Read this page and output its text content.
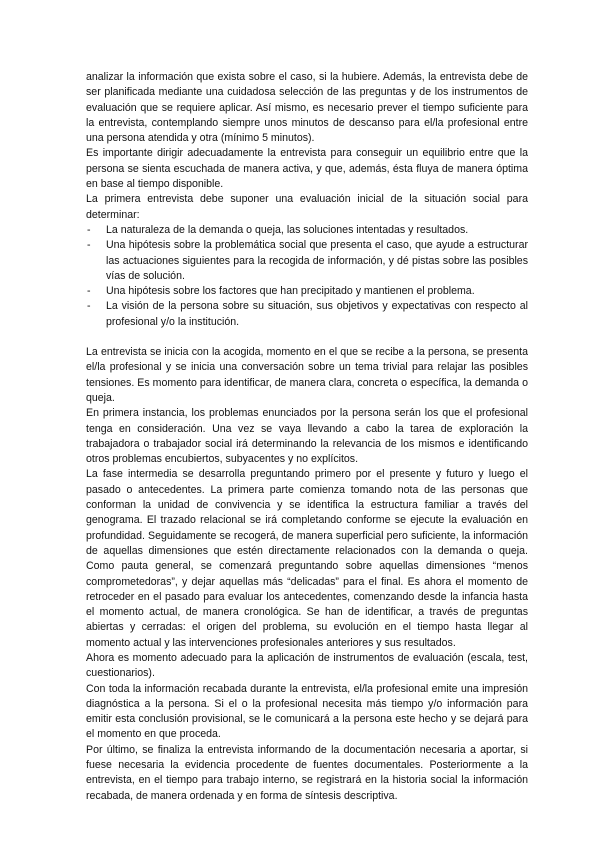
analizar la información que exista sobre el caso, si la hubiere. Además, la entrevista debe de ser planificada mediante una cuidadosa selección de las preguntas y de los instrumentos de evaluación que se requiere aplicar. Así mismo, es necesario prever el tiempo suficiente para la entrevista, contemplando siempre unos minutos de descanso para el/la profesional entre una persona atendida y otra (mínimo 5 minutos).

Es importante dirigir adecuadamente la entrevista para conseguir un equilibrio entre que la persona se sienta escuchada de manera activa, y que, además, ésta fluya de manera óptima en base al tiempo disponible.

La primera entrevista debe suponer una evaluación inicial de la situación social para determinar:

- La naturaleza de la demanda o queja, las soluciones intentadas y resultados.
- Una hipótesis sobre la problemática social que presenta el caso, que ayude a estructurar las actuaciones siguientes para la recogida de información, y dé pistas sobre las posibles vías de solución.
- Una hipótesis sobre los factores que han precipitado y mantienen el problema.
- La visión de la persona sobre su situación, sus objetivos y expectativas con respecto al profesional y/o la institución.

La entrevista se inicia con la acogida, momento en el que se recibe a la persona, se presenta el/la profesional y se inicia una conversación sobre un tema trivial para relajar las posibles tensiones. Es momento para identificar, de manera clara, concreta o específica, la demanda o queja.

En primera instancia, los problemas enunciados por la persona serán los que el profesional tenga en consideración. Una vez se vaya llevando a cabo la tarea de exploración la trabajadora o trabajador social irá determinando la relevancia de los mismos e identificando otros problemas encubiertos, subyacentes y no explícitos.

La fase intermedia se desarrolla preguntando primero por el presente y futuro y luego el pasado o antecedentes. La primera parte comienza tomando nota de las personas que conforman la unidad de convivencia y se identifica la estructura familiar a través del genograma. El trazado relacional se irá completando conforme se ejecute la evaluación en profundidad. Seguidamente se recogerá, de manera superficial pero suficiente, la información de aquellas dimensiones que estén directamente relacionados con la demanda o queja. Como pauta general, se comenzará preguntando sobre aquellas dimensiones “menos comprometedoras”, y dejar aquellas más “delicadas” para el final. Es ahora el momento de retroceder en el pasado para evaluar los antecedentes, comenzando desde la infancia hasta el momento actual, de manera cronológica. Se han de identificar, a través de preguntas abiertas y cerradas: el origen del problema, su evolución en el tiempo hasta llegar al momento actual y las intervenciones profesionales anteriores y sus resultados.

Ahora es momento adecuado para la aplicación de instrumentos de evaluación (escala, test, cuestionarios).

Con toda la información recabada durante la entrevista, el/la profesional emite una impresión diagnóstica a la persona. Si el o la profesional necesita más tiempo y/o información para emitir esta conclusión provisional, se le comunicará a la persona este hecho y se dejará para el momento en que proceda.

Por último, se finaliza la entrevista informando de la documentación necesaria a aportar, si fuese necesaria la evidencia procedente de fuentes documentales. Posteriormente a la entrevista, en el tiempo para trabajo interno, se registrará en la historia social la información recabada, de manera ordenada y en forma de síntesis descriptiva.
